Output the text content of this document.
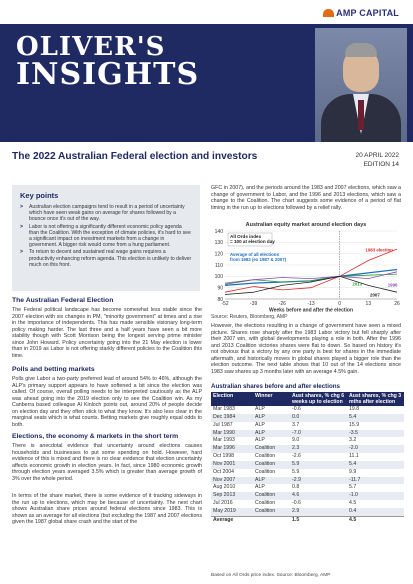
AMP CAPITAL
OLIVER'S
INSIGHTS
The 2022 Australian Federal election and investors	20 APRIL 2022
EDITION 14
Key points
> Australian election campaigns tend to result in a period of uncertainty which have seen weak gains on average for shares followed by a bounce once it's out of the way.
> Labor is not offering a significantly different economic policy agenda than the Coalition. With the exception of climate policies, it's hard to see a significant impact on investment markets from a change in government. A bigger risk would come from a hung parliament.
> To return to decent and sustained real wage gains requires a productivity enhancing reform agenda. This election is unlikely to deliver much on this front.
The Australian Federal Election
The Federal political landscape has become somewhat less stable since the 2007 election with six changes in PM, "minority government" at times and a rise in the importance of independents. This has made sensible visionary long-term policy making harder. The last three and a half years have seen a bit more stability though with Scott Morrison being the longest serving prime minister since John Howard. Policy uncertainty going into the 21 May election is lower than in 2019 as Labor is not offering starkly different policies to the Coalition this time.
Polls and betting markets
Polls give Labor a two-party preferred lead of around 54% to 46%, although the ALP's primary support appears to have softened a bit since the election was called. Of course, overall polling needs to be interpreted cautiously as the ALP was ahead going into the 2019 election only to see the Coalition win. As my Canberra based colleague Al Kinloch points out, around 20% of people decide on election day and they often stick to what they know. It's also less clear in the marginal seats which is what counts. Betting markets give roughly equal odds to both.
Elections, the economy & markets in the short term
There is anecdotal evidence that uncertainty around elections causes households and businesses to put some spending on hold. However, hard evidence of this is mixed and there is no clear evidence that election uncertainty affects economic growth in election years. In fact, since 1980 economic growth through election years averaged 3.5% which is greater than average growth of 3% over the whole period.
In terms of the share market, there is some evidence of it tracking sideways in the run up to elections, which may be because of uncertainty. The next chart shows Australian share prices around federal elections since 1983. This is shown as an average for all elections (but excluding the 1987 and 2007 elections given the 1987 global share crash and the start of the
GFC in 2007), and the periods around the 1983 and 2007 elections, which saw a change of government to Labor, and the 1996 and 2013 elections, which saw a change to the Coalition. The chart suggests some evidence of a period of flat timing in the run up to elections followed by a relief rally.
Australian equity market around election days
80
90
100
110
120
130
140
-52	-39	-26	-13	0	13	26
Weeks before and after the election
All Ords index = 100 at election day
Average of all elections from 1983 (ex 1987 & 2007)
1983 election
2013	1996
2007
Source: Reuters, Bloomberg, AMP
However, the elections resulting in a change of government have seen a mixed picture. Shares rose sharply after the 1983 Labor victory but fell sharply after their 2007 win, with global developments playing a role in both. After the 1996 and 2013 Coalition victories shares were flat to down. So based on history it's not obvious that a victory by any one party is best for shares in the immediate aftermath, and historically moves in global shares played a bigger role than the election outcome. The next table shows that 10 out of the 14 elections since 1983 saw shares up 3 months later with an average 4.5% gain.
Australian shares before and after elections
Election	Winner	Aust shares, % chg 6 weeks up to election	Aust shares, % chg 3 mths after election
Mar 1983	ALP	-0.6	19.8
Dec 1984	ALP	0.0	5.4
Jul 1987	ALP	3.7	15.9
Mar 1990	ALP	-7.0	-3.5
Mar 1993	ALP	9.0	3.2
Mar 1996	Coalition	2.3	-2.0
Oct 1998	Coalition	-2.6	11.1
Nov 2001	Coalition	5.9	5.4
Oct 2004	Coalition	5.9	9.9
Nov 2007	ALP	-2.9	-11.7
Aug 2010	ALP	0.8	5.7
Sep 2013	Coalition	4.6	-1.0
Jul 2016	Coalition	-0.6	4.5
May 2019	Coalition	2.9	0.4
Average		1.5	4.5
Based on All Ords price index. Source: Bloomberg, AMP
